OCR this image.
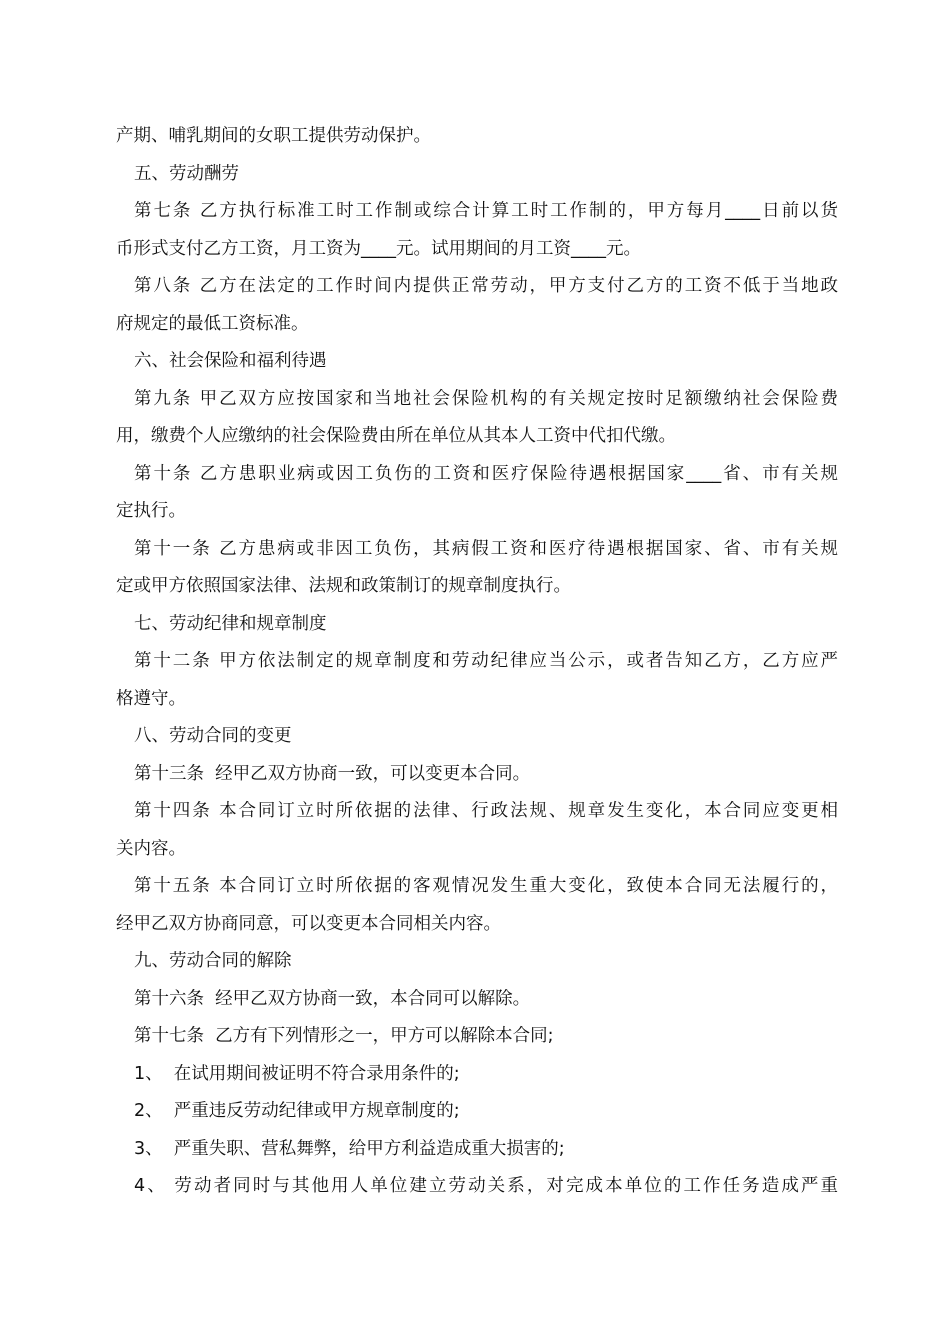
产期、哺乳期间的女职工提供劳动保护。
五、劳动酬劳
第七条 乙方执行标准工时工作制或综合计算工时工作制的，甲方每月____日前以货
币形式支付乙方工资，月工资为____元。试用期间的月工资____元。
第八条 乙方在法定的工作时间内提供正常劳动，甲方支付乙方的工资不低于当地政
府规定的最低工资标准。
六、社会保险和福利待遇
第九条 甲乙双方应按国家和当地社会保险机构的有关规定按时足额缴纳社会保险费
用，缴费个人应缴纳的社会保险费由所在单位从其本人工资中代扣代缴。
第十条 乙方患职业病或因工负伤的工资和医疗保险待遇根据国家____省、市有关规
定执行。
第十一条 乙方患病或非因工负伤，其病假工资和医疗待遇根据国家、省、市有关规
定或甲方依照国家法律、法规和政策制订的规章制度执行。
七、劳动纪律和规章制度
第十二条 甲方依法制定的规章制度和劳动纪律应当公示，或者告知乙方，乙方应严
格遵守。
八、劳动合同的变更
第十三条  经甲乙双方协商一致，可以变更本合同。
第十四条 本合同订立时所依据的法律、行政法规、规章发生变化，本合同应变更相
关内容。
第十五条 本合同订立时所依据的客观情况发生重大变化，致使本合同无法履行的，
经甲乙双方协商同意，可以变更本合同相关内容。
九、劳动合同的解除
第十六条  经甲乙双方协商一致，本合同可以解除。
第十七条  乙方有下列情形之一，甲方可以解除本合同;
1、  在试用期间被证明不符合录用条件的;
2、  严重违反劳动纪律或甲方规章制度的;
3、  严重失职、营私舞弊，给甲方利益造成重大损害的;
4、 劳动者同时与其他用人单位建立劳动关系，对完成本单位的工作任务造成严重
